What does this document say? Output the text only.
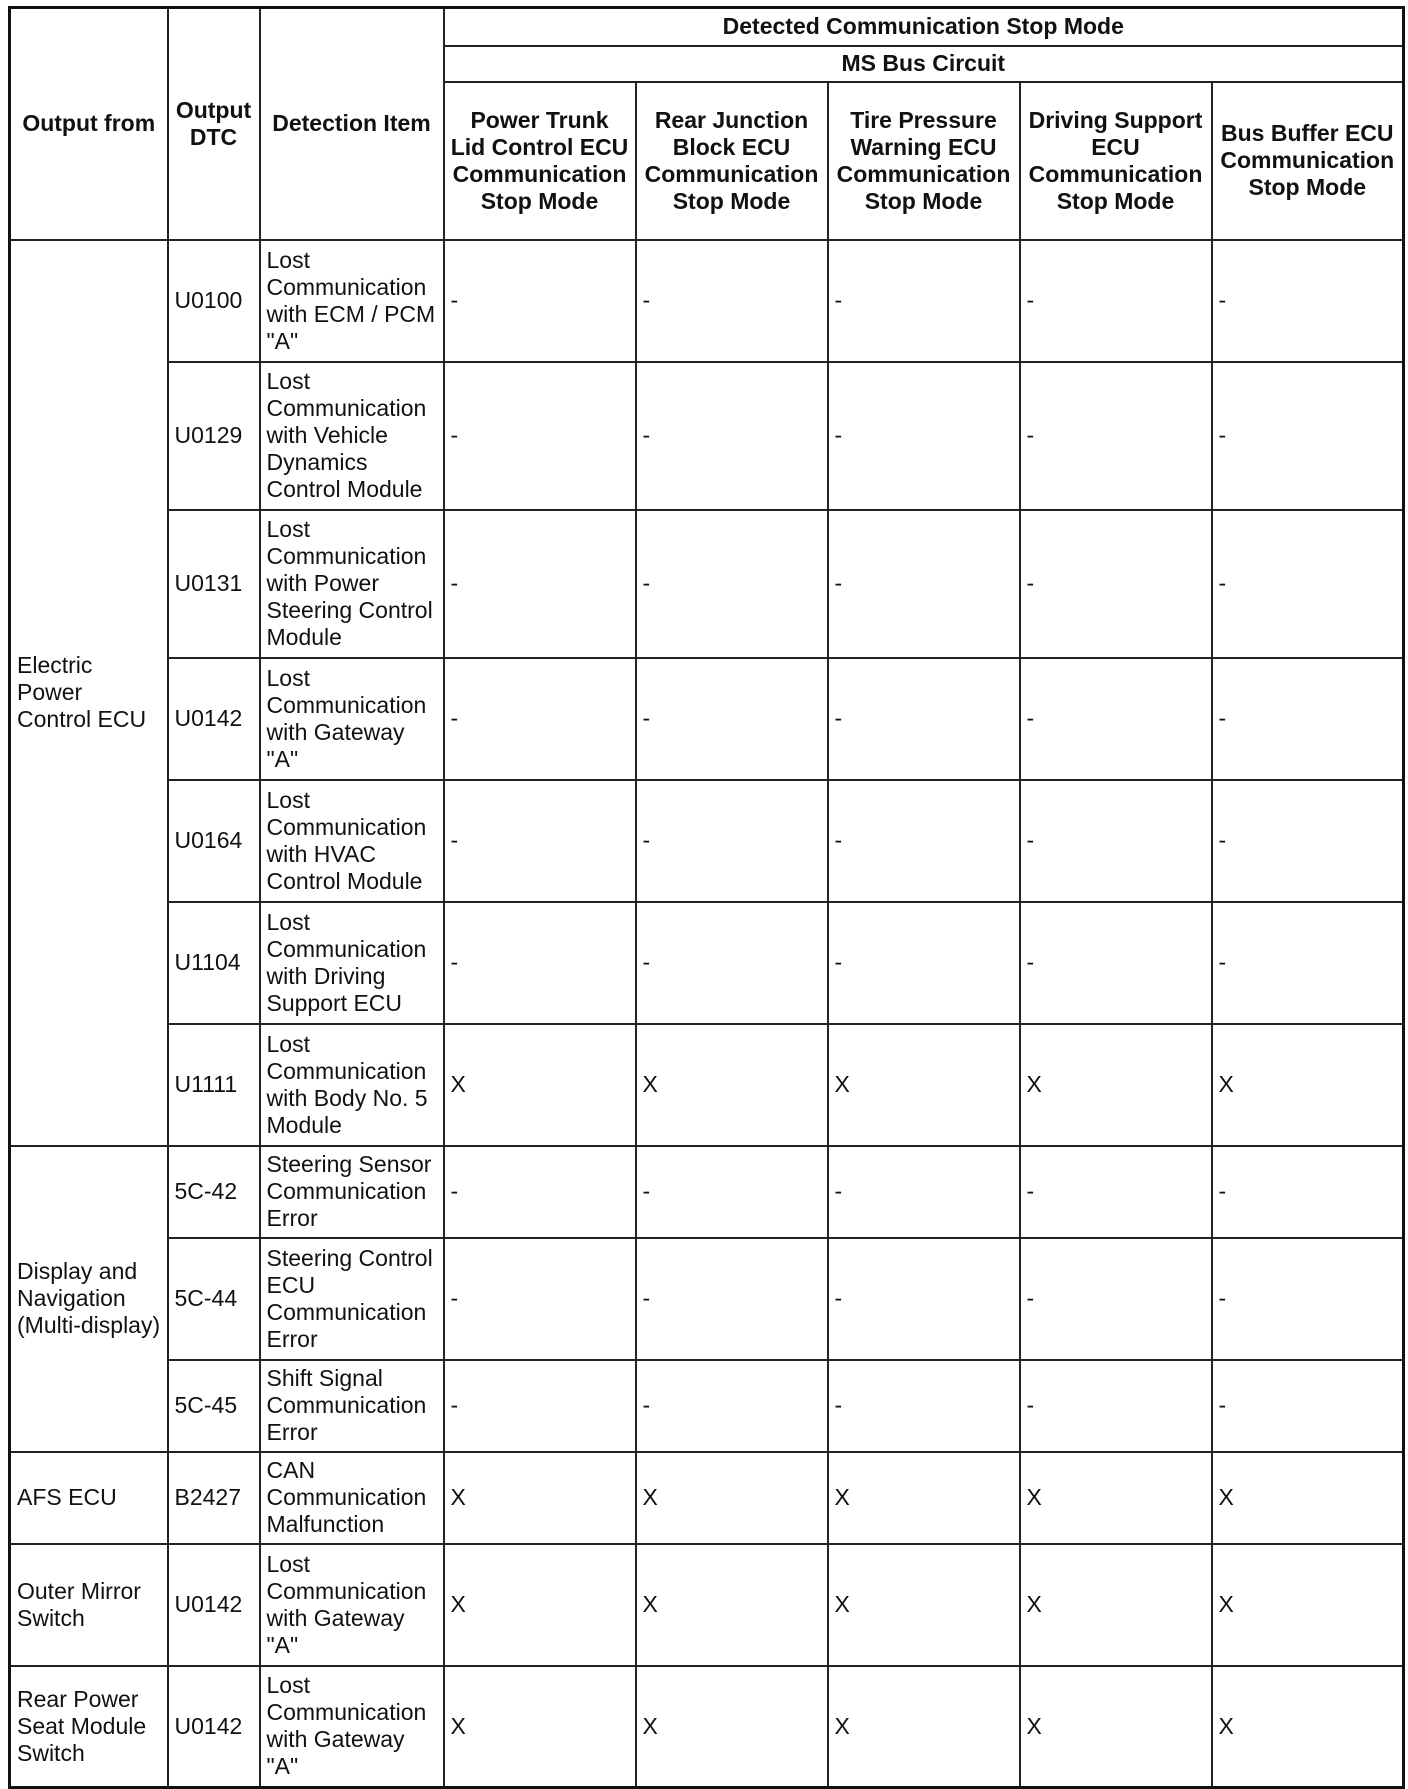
Output from	Output DTC	Detection Item	Detected Communication Stop Mode				
			MS Bus Circuit				
			Power Trunk Lid Control ECU Communication Stop Mode	Rear Junction Block ECU Communication Stop Mode	Tire Pressure Warning ECU Communication Stop Mode	Driving Support ECU Communication Stop Mode	Bus Buffer ECU Communication Stop Mode
Electric Power Control ECU	U0100	Lost Communication with ECM / PCM "A"	-	-	-	-	-
	U0129	Lost Communication with Vehicle Dynamics Control Module	-	-	-	-	-
	U0131	Lost Communication with Power Steering Control Module	-	-	-	-	-
	U0142	Lost Communication with Gateway "A"	-	-	-	-	-
	U0164	Lost Communication with HVAC Control Module	-	-	-	-	-
	U1104	Lost Communication with Driving Support ECU	-	-	-	-	-
	U1111	Lost Communication with Body No. 5 Module	X	X	X	X	X
Display and Navigation (Multi-display)	5C-42	Steering Sensor Communication Error	-	-	-	-	-
	5C-44	Steering Control ECU Communication Error	-	-	-	-	-
	5C-45	Shift Signal Communication Error	-	-	-	-	-
AFS ECU	B2427	CAN Communication Malfunction	X	X	X	X	X
Outer Mirror Switch	U0142	Lost Communication with Gateway "A"	X	X	X	X	X
Rear Power Seat Module Switch	U0142	Lost Communication with Gateway "A"	X	X	X	X	X
